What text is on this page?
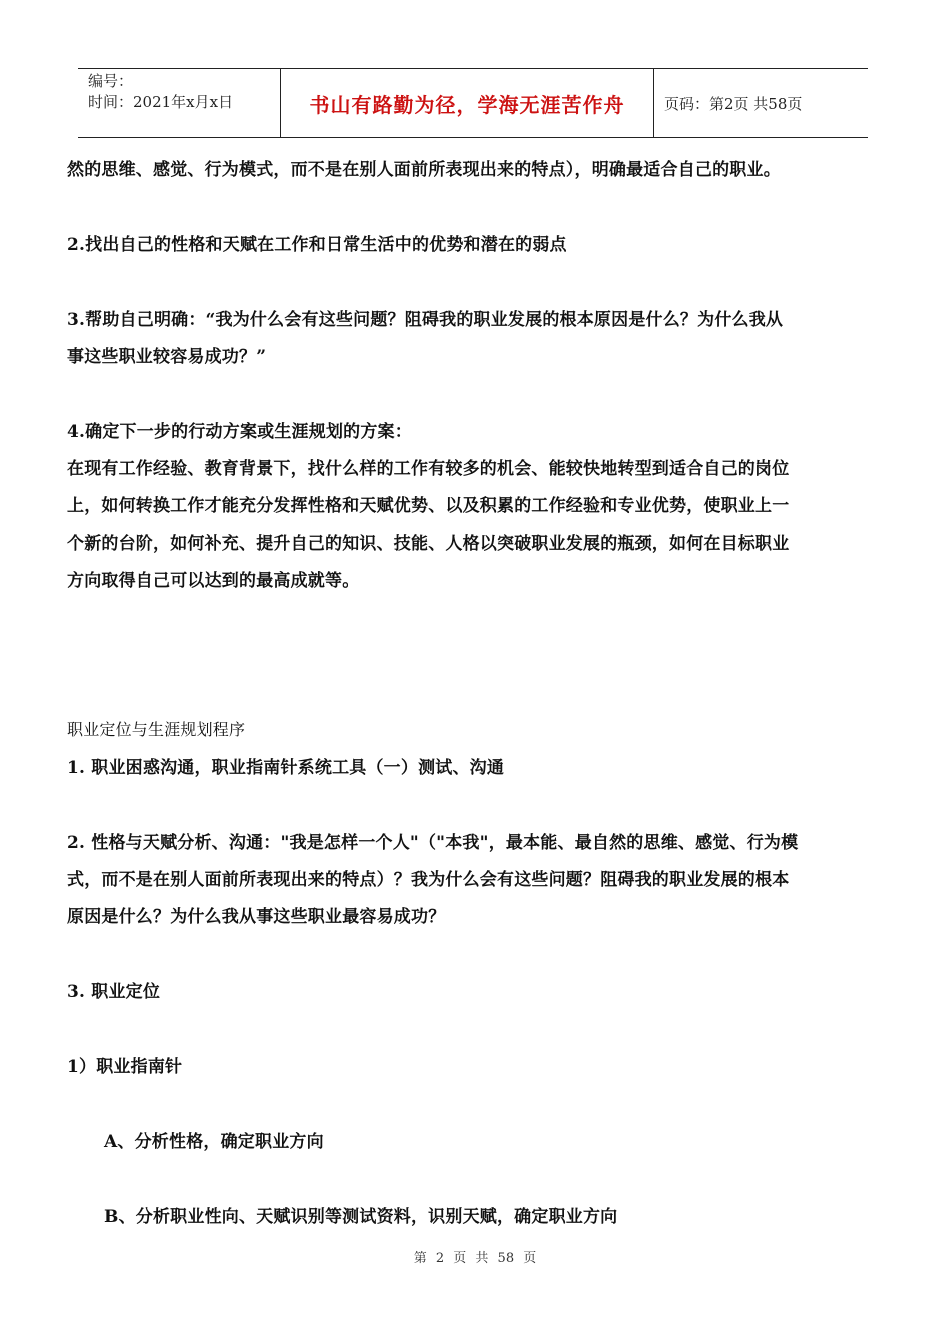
编号：
时间：2021年x月x日	书山有路勤为径，学海无涯苦作舟	页码：第2页 共58页
然的思维、感觉、行为模式，而不是在别人面前所表现出来的特点），明确最适合自己的职业。
2.找出自己的性格和天赋在工作和日常生活中的优势和潜在的弱点
3.帮助自己明确：“我为什么会有这些问题？阻碍我的职业发展的根本原因是什么？为什么我从
事这些职业较容易成功？”
4.确定下一步的行动方案或生涯规划的方案：
在现有工作经验、教育背景下，找什么样的工作有较多的机会、能较快地转型到适合自己的岗位
上，如何转换工作才能充分发挥性格和天赋优势、以及积累的工作经验和专业优势，使职业上一
个新的台阶，如何补充、提升自己的知识、技能、人格以突破职业发展的瓶颈，如何在目标职业
方向取得自己可以达到的最高成就等。
职业定位与生涯规划程序
1. 职业困惑沟通，职业指南针系统工具（一）测试、沟通
2. 性格与天赋分析、沟通："我是怎样一个人"（"本我"，最本能、最自然的思维、感觉、行为模
式，而不是在别人面前所表现出来的特点）？我为什么会有这些问题？阻碍我的职业发展的根本
原因是什么？为什么我从事这些职业最容易成功？
3. 职业定位
1）职业指南针
A、分析性格，确定职业方向
B、分析职业性向、天赋识别等测试资料，识别天赋，确定职业方向
第 2 页 共 58 页
